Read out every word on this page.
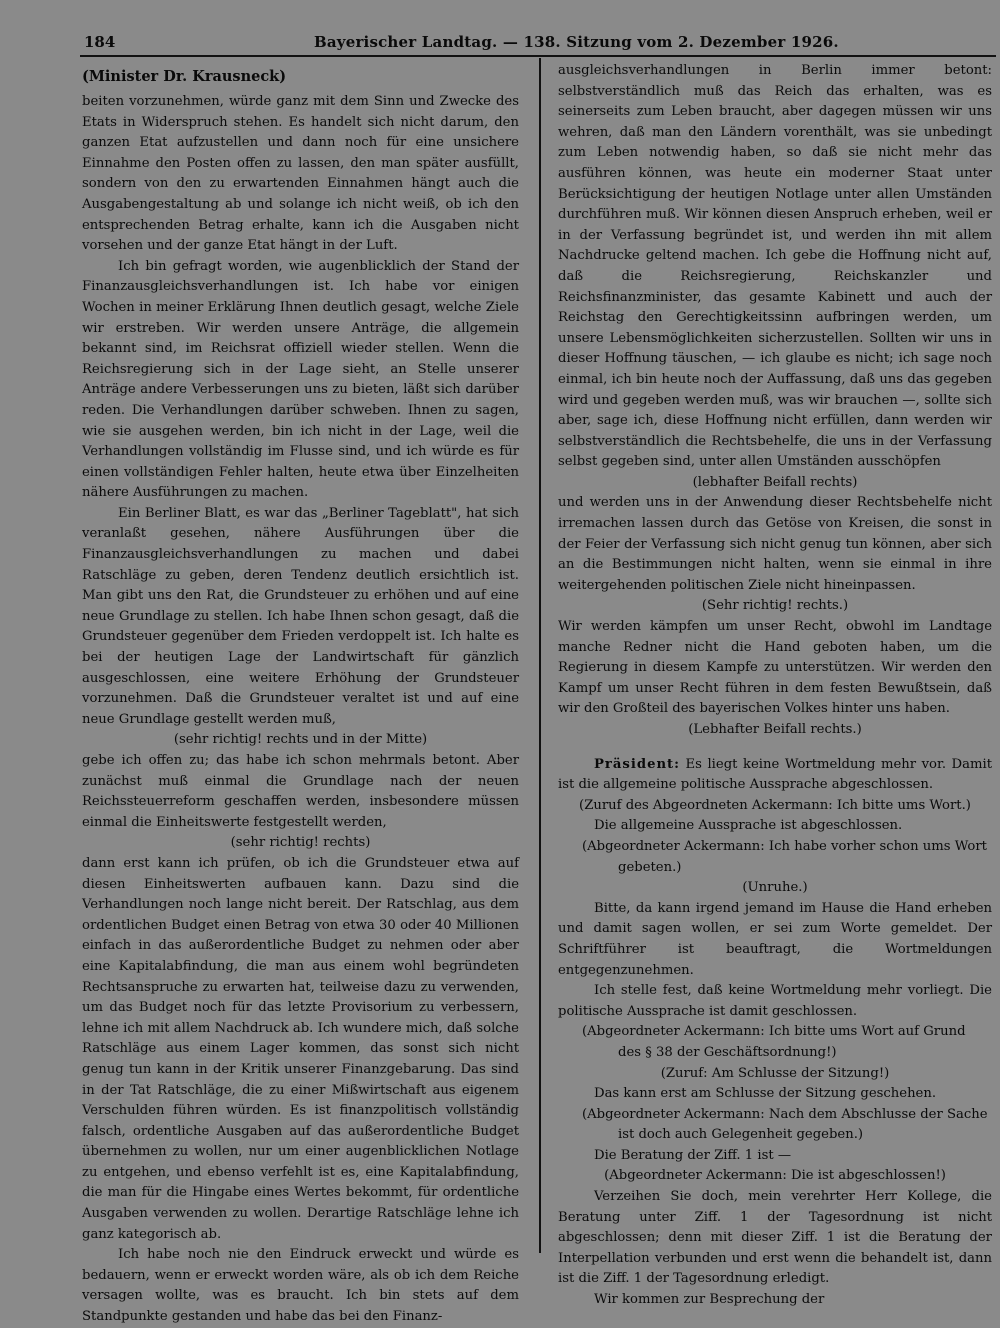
184	Bayerischer Landtag. — 138. Sitzung vom 2. Dezember 1926.

(Minister Dr. Krausneck)

beiten vorzunehmen, würde ganz mit dem Sinn und Zwecke des Etats in Widerspruch stehen. Es handelt sich nicht darum, den ganzen Etat aufzustellen und dann noch für eine unsichere Einnahme den Posten offen zu lassen, den man später ausfüllt, sondern von den zu erwartenden Einnahmen hängt auch die Ausgabengestaltung ab und solange ich nicht weiß, ob ich den entsprechenden Betrag erhalte, kann ich die Ausgaben nicht vorsehen und der ganze Etat hängt in der Luft.

Ich bin gefragt worden, wie augenblicklich der Stand der Finanzausgleichsverhandlungen ist. Ich habe vor einigen Wochen in meiner Erklärung Ihnen deutlich gesagt, welche Ziele wir erstreben. Wir werden unsere Anträge, die allgemein bekannt sind, im Reichsrat offiziell wieder stellen. Wenn die Reichsregierung sich in der Lage sieht, an Stelle unserer Anträge andere Verbesserungen uns zu bieten, läßt sich darüber reden. Die Verhandlungen darüber schweben. Ihnen zu sagen, wie sie ausgehen werden, bin ich nicht in der Lage, weil die Verhandlungen vollständig im Flusse sind, und ich würde es für einen vollständigen Fehler halten, heute etwa über Einzelheiten nähere Ausführungen zu machen.

Ein Berliner Blatt, es war das „Berliner Tageblatt", hat sich veranlaßt gesehen, nähere Ausführungen über die Finanzausgleichsverhandlungen zu machen und dabei Ratschläge zu geben, deren Tendenz deutlich ersichtlich ist. Man gibt uns den Rat, die Grundsteuer zu erhöhen und auf eine neue Grundlage zu stellen. Ich habe Ihnen schon gesagt, daß die Grundsteuer gegenüber dem Frieden verdoppelt ist. Ich halte es bei der heutigen Lage der Landwirtschaft für gänzlich ausgeschlossen, eine weitere Erhöhung der Grundsteuer vorzunehmen. Daß die Grundsteuer veraltet ist und auf eine neue Grundlage gestellt werden muß,

(sehr richtig! rechts und in der Mitte)

gebe ich offen zu; das habe ich schon mehrmals betont. Aber zunächst muß einmal die Grundlage nach der neuen Reichssteuerreform geschaffen werden, insbesondere müssen einmal die Einheitswerte festgestellt werden,

(sehr richtig! rechts)

dann erst kann ich prüfen, ob ich die Grundsteuer etwa auf diesen Einheitswerten aufbauen kann. Dazu sind die Verhandlungen noch lange nicht bereit. Der Ratschlag, aus dem ordentlichen Budget einen Betrag von etwa 30 oder 40 Millionen einfach in das außerordentliche Budget zu nehmen oder aber eine Kapitalabfindung, die man aus einem wohl begründeten Rechtsanspruche zu erwarten hat, teilweise dazu zu verwenden, um das Budget noch für das letzte Provisorium zu verbessern, lehne ich mit allem Nachdruck ab. Ich wundere mich, daß solche Ratschläge aus einem Lager kommen, das sonst sich nicht genug tun kann in der Kritik unserer Finanzgebarung. Das sind in der Tat Ratschläge, die zu einer Mißwirtschaft aus eigenem Verschulden führen würden. Es ist finanzpolitisch vollständig falsch, ordentliche Ausgaben auf das außerordentliche Budget übernehmen zu wollen, nur um einer augenblicklichen Notlage zu entgehen, und ebenso verfehlt ist es, eine Kapitalabfindung, die man für die Hingabe eines Wertes bekommt, für ordentliche Ausgaben verwenden zu wollen. Derartige Ratschläge lehne ich ganz kategorisch ab.

Ich habe noch nie den Eindruck erweckt und würde es bedauern, wenn er erweckt worden wäre, als ob ich dem Reiche versagen wollte, was es braucht. Ich bin stets auf dem Standpunkte gestanden und habe das bei den Finanz-

ausgleichsverhandlungen in Berlin immer betont: selbstverständlich muß das Reich das erhalten, was es seinerseits zum Leben braucht, aber dagegen müssen wir uns wehren, daß man den Ländern vorenthält, was sie unbedingt zum Leben notwendig haben, so daß sie nicht mehr das ausführen können, was heute ein moderner Staat unter Berücksichtigung der heutigen Notlage unter allen Umständen durchführen muß. Wir können diesen Anspruch erheben, weil er in der Verfassung begründet ist, und werden ihn mit allem Nachdrucke geltend machen. Ich gebe die Hoffnung nicht auf, daß die Reichsregierung, Reichskanzler und Reichsfinanzminister, das gesamte Kabinett und auch der Reichstag den Gerechtigkeitssinn aufbringen werden, um unsere Lebensmöglichkeiten sicherzustellen. Sollten wir uns in dieser Hoffnung täuschen, — ich glaube es nicht; ich sage noch einmal, ich bin heute noch der Auffassung, daß uns das gegeben wird und gegeben werden muß, was wir brauchen —, sollte sich aber, sage ich, diese Hoffnung nicht erfüllen, dann werden wir selbstverständlich die Rechtsbehelfe, die uns in der Verfassung selbst gegeben sind, unter allen Umständen ausschöpfen

(lebhafter Beifall rechts)

und werden uns in der Anwendung dieser Rechtsbehelfe nicht irremachen lassen durch das Getöse von Kreisen, die sonst in der Feier der Verfassung sich nicht genug tun können, aber sich an die Bestimmungen nicht halten, wenn sie einmal in ihre weitergehenden politischen Ziele nicht hineinpassen.

(Sehr richtig! rechts.)

Wir werden kämpfen um unser Recht, obwohl im Landtage manche Redner nicht die Hand geboten haben, um die Regierung in diesem Kampfe zu unterstützen. Wir werden den Kampf um unser Recht führen in dem festen Bewußtsein, daß wir den Großteil des bayerischen Volkes hinter uns haben.

(Lebhafter Beifall rechts.)

Präsident: Es liegt keine Wortmeldung mehr vor. Damit ist die allgemeine politische Aussprache abgeschlossen.

(Zuruf des Abgeordneten Ackermann: Ich bitte ums Wort.)

Die allgemeine Aussprache ist abgeschlossen.

(Abgeordneter Ackermann: Ich habe vorher schon ums Wort gebeten.)

(Unruhe.)

Bitte, da kann irgend jemand im Hause die Hand erheben und damit sagen wollen, er sei zum Worte gemeldet. Der Schriftführer ist beauftragt, die Wortmeldungen entgegenzunehmen.

Ich stelle fest, daß keine Wortmeldung mehr vorliegt. Die politische Aussprache ist damit geschlossen.

(Abgeordneter Ackermann: Ich bitte ums Wort auf Grund des § 38 der Geschäftsordnung!)

(Zuruf: Am Schlusse der Sitzung!)

Das kann erst am Schlusse der Sitzung geschehen.

(Abgeordneter Ackermann: Nach dem Abschlusse der Sache ist doch auch Gelegenheit gegeben.)

Die Beratung der Ziff. 1 ist —

(Abgeordneter Ackermann: Die ist abgeschlossen!)

Verzeihen Sie doch, mein verehrter Herr Kollege, die Beratung unter Ziff. 1 der Tagesordnung ist nicht abgeschlossen; denn mit dieser Ziff. 1 ist die Beratung der Interpellation verbunden und erst wenn die behandelt ist, dann ist die Ziff. 1 der Tagesordnung erledigt.

Wir kommen zur Besprechung der
